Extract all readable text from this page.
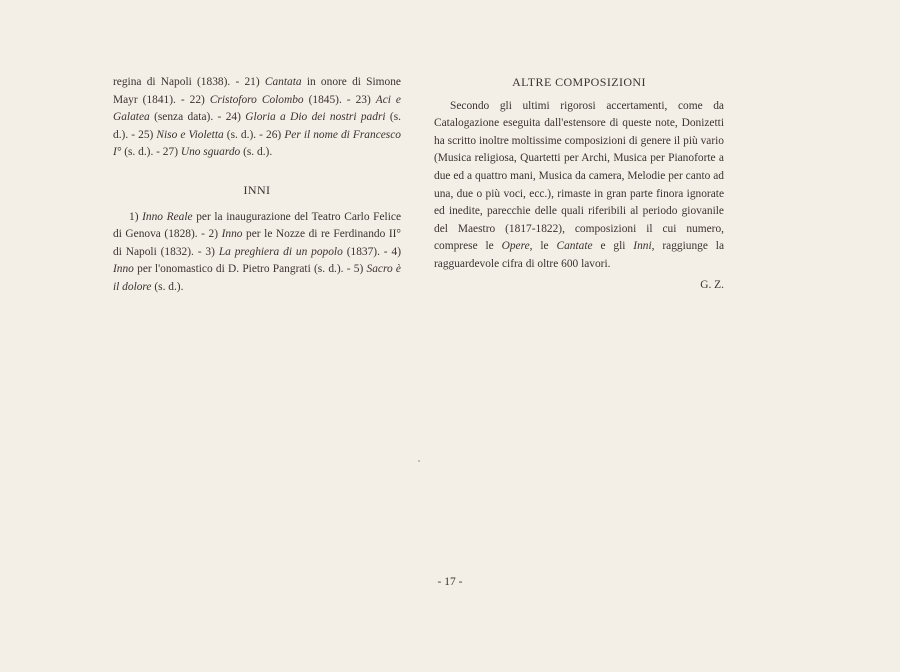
regina di Napoli (1838). - 21) Cantata in onore di Simone Mayr (1841). - 22) Cristoforo Colombo (1845). - 23) Aci e Galatea (senza data). - 24) Gloria a Dio dei nostri padri (s. d.). - 25) Niso e Violetta (s. d.). - 26) Per il nome di Francesco I° (s. d.). - 27) Uno sguardo (s. d.).

INNI

1) Inno Reale per la inaugurazione del Teatro Carlo Felice di Genova (1828). - 2) Inno per le Nozze di re Ferdinando II° di Napoli (1832). - 3) La preghiera di un popolo (1837). - 4) Inno per l'onomastico di D. Pietro Pangrati (s. d.). - 5) Sacro è il dolore (s. d.).

ALTRE COMPOSIZIONI

Secondo gli ultimi rigorosi accertamenti, come da Catalogazione eseguita dall'estensore di queste note, Donizetti ha scritto inoltre moltissime composizioni di genere il più vario (Musica religiosa, Quartetti per Archi, Musica per Pianoforte a due ed a quattro mani, Musica da camera, Melodie per canto ad una, due o più voci, ecc.), rimaste in gran parte finora ignorate ed inedite, parecchie delle quali riferibili al periodo giovanile del Maestro (1817-1822), composizioni il cui numero, comprese le Opere, le Cantate e gli Inni, raggiunge la ragguardevole cifra di oltre 600 lavori.

G. Z.

- 17 -
